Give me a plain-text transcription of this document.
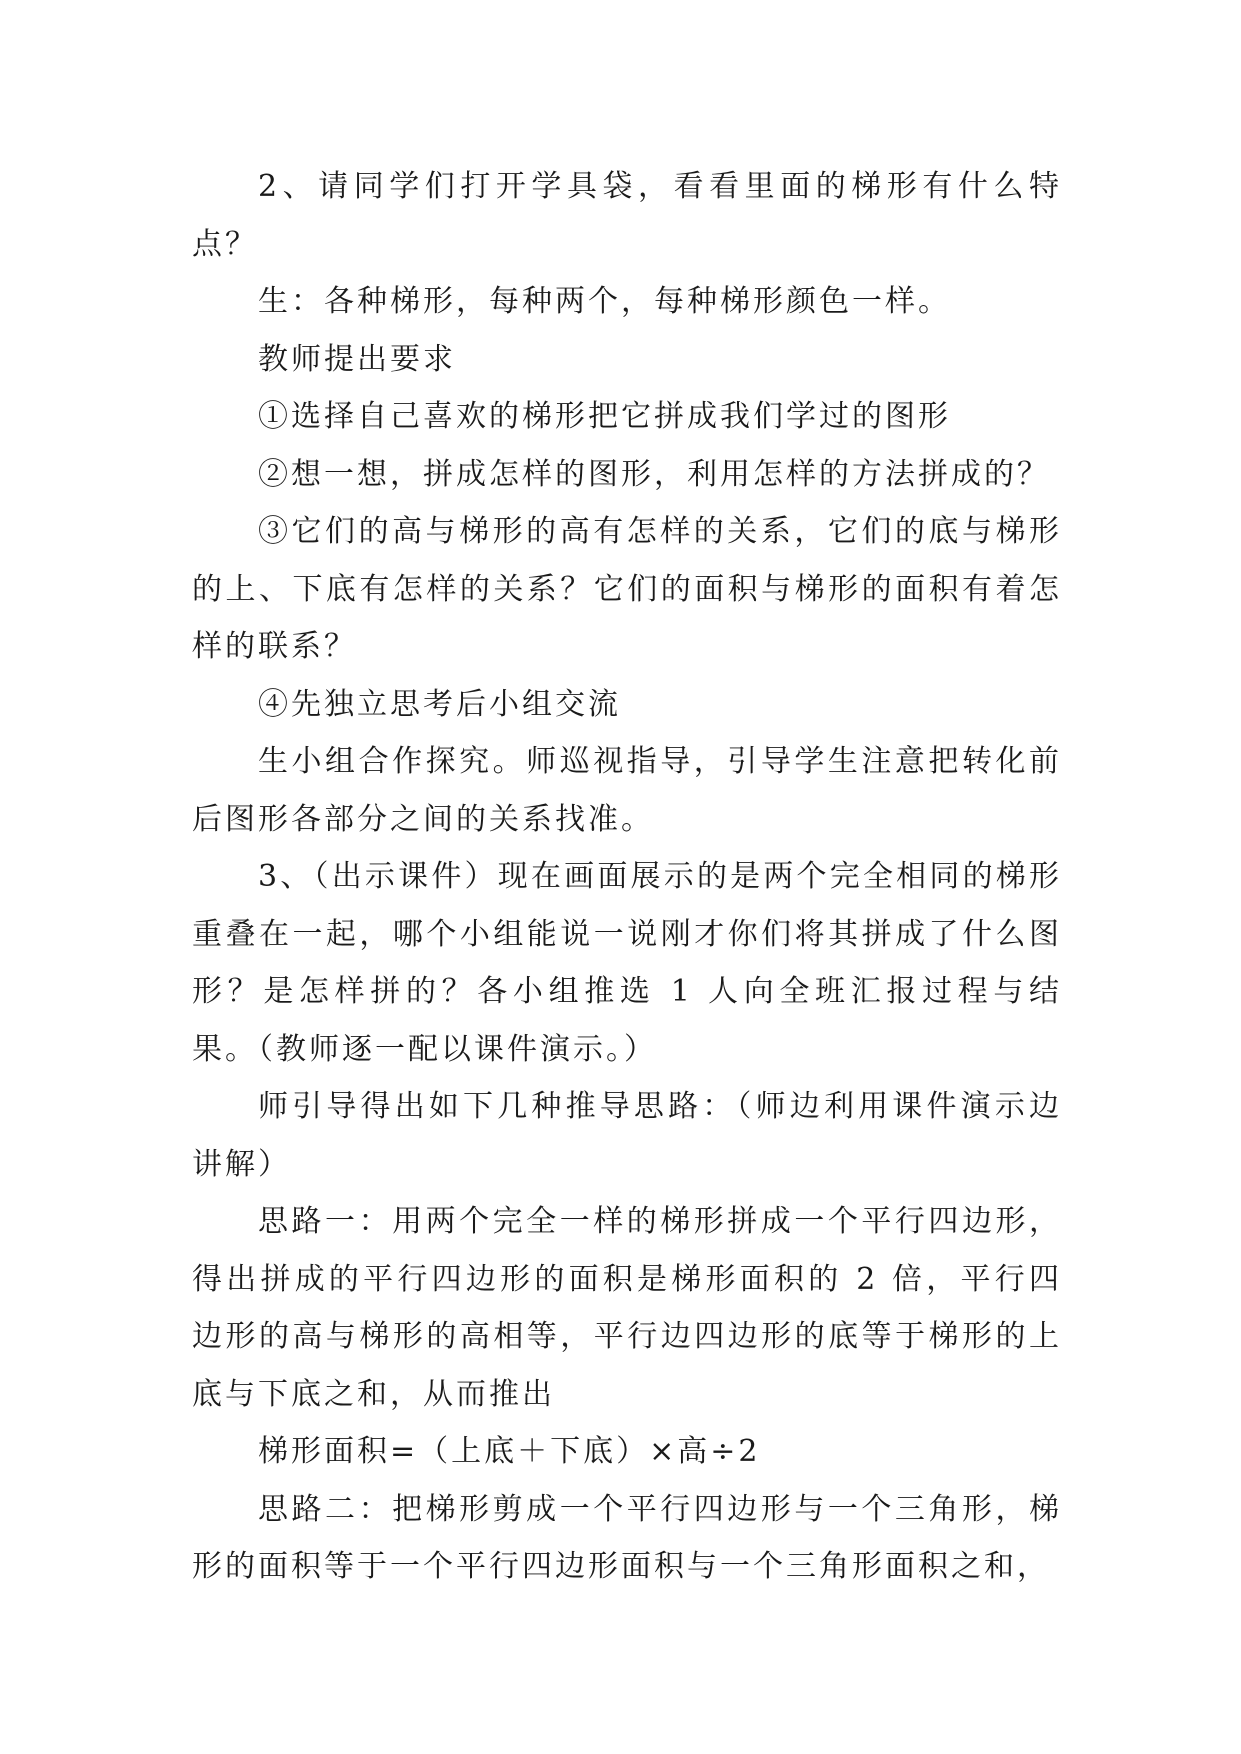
2、请同学们打开学具袋，看看里面的梯形有什么特点？

生：各种梯形，每种两个，每种梯形颜色一样。

教师提出要求

①选择自己喜欢的梯形把它拼成我们学过的图形

②想一想，拼成怎样的图形，利用怎样的方法拼成的？

③它们的高与梯形的高有怎样的关系，它们的底与梯形的上、下底有怎样的关系？它们的面积与梯形的面积有着怎样的联系？

④先独立思考后小组交流

生小组合作探究。师巡视指导，引导学生注意把转化前后图形各部分之间的关系找准。

3、（出示课件）现在画面展示的是两个完全相同的梯形重叠在一起，哪个小组能说一说刚才你们将其拼成了什么图形？是怎样拼的？各小组推选 1 人向全班汇报过程与结果。（教师逐一配以课件演示。）

师引导得出如下几种推导思路：（师边利用课件演示边讲解）

思路一：用两个完全一样的梯形拼成一个平行四边形，得出拼成的平行四边形的面积是梯形面积的 2 倍，平行四边形的高与梯形的高相等，平行边四边形的底等于梯形的上底与下底之和，从而推出

梯形面积=（上底＋下底）×高÷2

思路二：把梯形剪成一个平行四边形与一个三角形，梯形的面积等于一个平行四边形面积与一个三角形面积之和，
